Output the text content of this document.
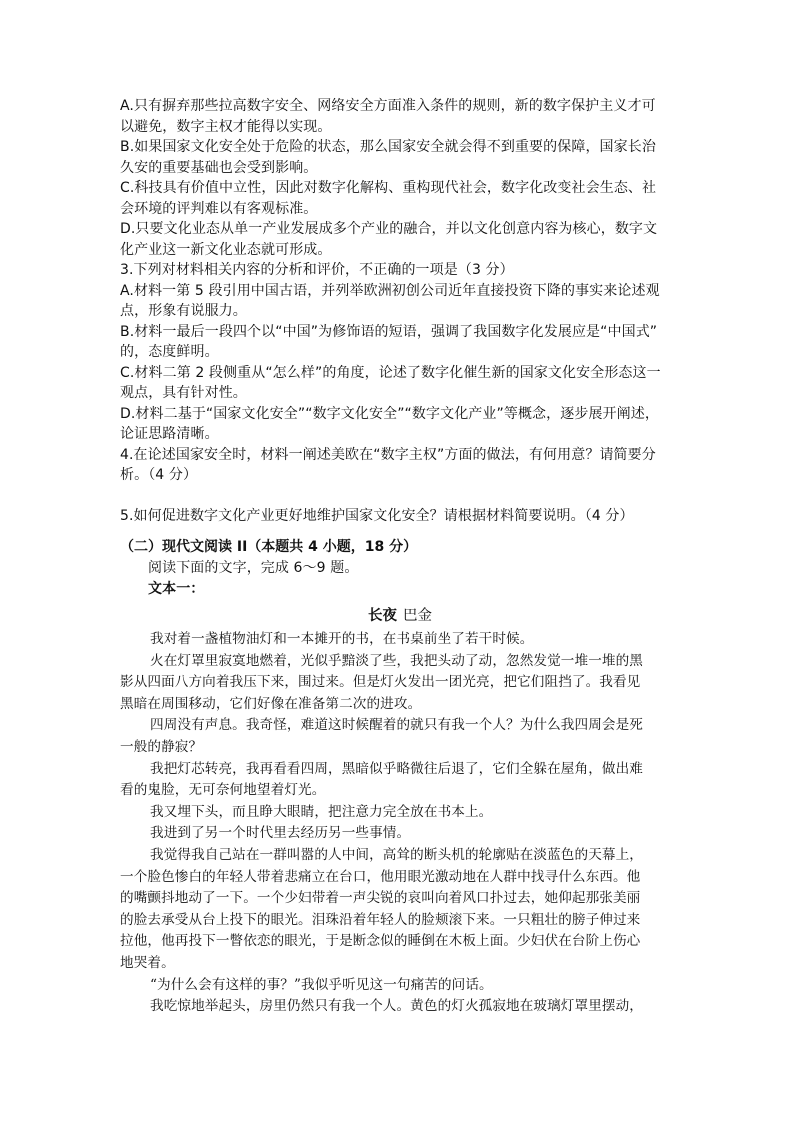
A.只有摒弃那些拉高数字安全、网络安全方面准入条件的规则，新的数字保护主义才可
以避免，数字主权才能得以实现。
B.如果国家文化安全处于危险的状态，那么国家安全就会得不到重要的保障，国家长治
久安的重要基础也会受到影响。
C.科技具有价值中立性，因此对数字化解构、重构现代社会，数字化改变社会生态、社
会环境的评判难以有客观标准。
D.只要文化业态从单一产业发展成多个产业的融合，并以文化创意内容为核心，数字文
化产业这一新文化业态就可形成。
3.下列对材料相关内容的分析和评价，不正确的一项是（3 分）
A.材料一第 5 段引用中国古语，并列举欧洲初创公司近年直接投资下降的事实来论述观
点，形象有说服力。
B.材料一最后一段四个以“中国”为修饰语的短语，强调了我国数字化发展应是“中国式”
的，态度鲜明。
C.材料二第 2 段侧重从“怎么样”的角度，论述了数字化催生新的国家文化安全形态这一
观点，具有针对性。
D.材料二基于“国家文化安全”“数字文化安全”“数字文化产业”等概念，逐步展开阐述，
论证思路清晰。
4.在论述国家安全时，材料一阐述美欧在“数字主权”方面的做法，有何用意？请简要分
析。（4 分）
5.如何促进数字文化产业更好地维护国家文化安全？请根据材料简要说明。（4 分）
（二）现代文阅读 II（本题共 4 小题，18 分）
阅读下面的文字，完成 6～9 题。
文本一：
长夜 巴金
我对着一盏植物油灯和一本摊开的书，在书桌前坐了若干时候。
火在灯罩里寂寞地燃着，光似乎黯淡了些，我把头动了动，忽然发觉一堆一堆的黑
影从四面八方向着我压下来，围过来。但是灯火发出一团光亮，把它们阻挡了。我看见
黑暗在周围移动，它们好像在准备第二次的进攻。
四周没有声息。我奇怪，难道这时候醒着的就只有我一个人？为什么我四周会是死
一般的静寂？
我把灯芯转亮，我再看看四周，黑暗似乎略微往后退了，它们全躲在屋角，做出难
看的鬼脸，无可奈何地望着灯光。
我又埋下头，而且睁大眼睛，把注意力完全放在书本上。
我进到了另一个时代里去经历另一些事情。
我觉得我自己站在一群叫嚣的人中间，高耸的断头机的轮廓贴在淡蓝色的天幕上，
一个脸色惨白的年轻人带着悲痛立在台口，他用眼光激动地在人群中找寻什么东西。他
的嘴颤抖地动了一下。一个少妇带着一声尖锐的哀叫向着风口扑过去，她仰起那张美丽
的脸去承受从台上投下的眼光。泪珠沿着年轻人的脸颊滚下来。一只粗壮的膀子伸过来
拉他，他再投下一瞥依恋的眼光，于是断念似的睡倒在木板上面。少妇伏在台阶上伤心
地哭着。
“为什么会有这样的事？”我似乎听见这一句痛苦的问话。
我吃惊地举起头，房里仍然只有我一个人。黄色的灯火孤寂地在玻璃灯罩里摆动，
